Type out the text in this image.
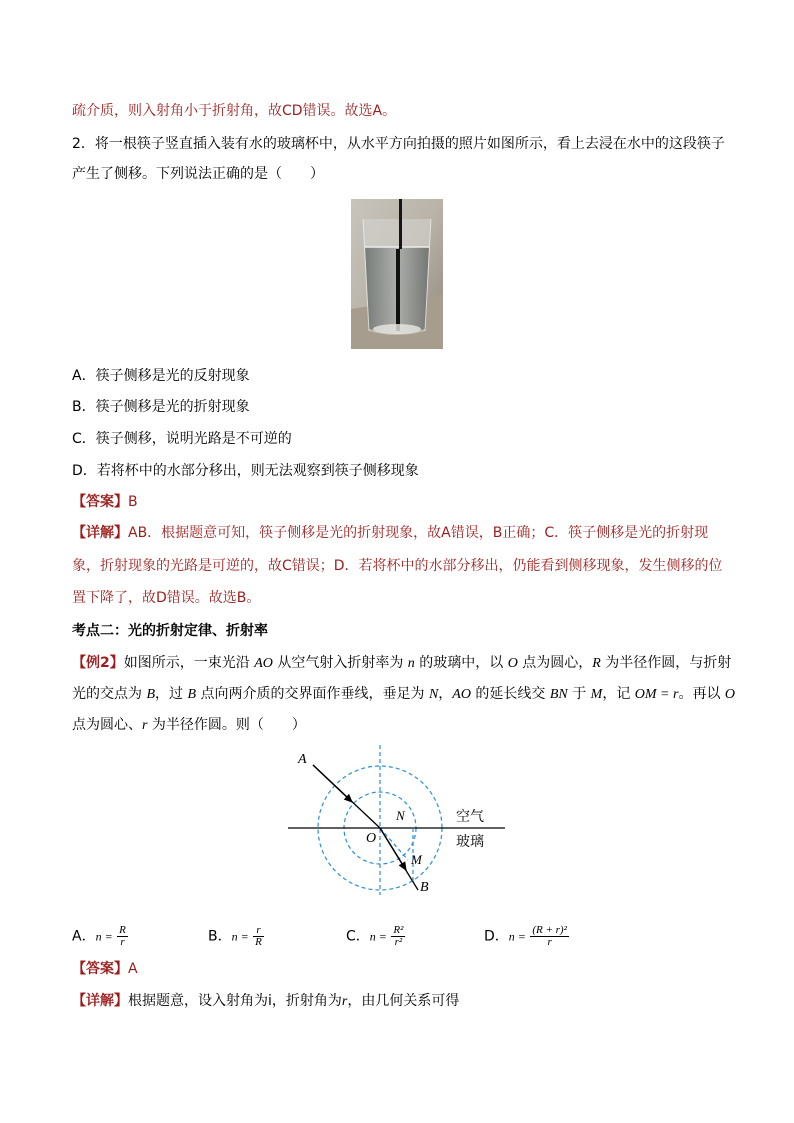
疏介质，则入射角小于折射角，故CD错误。故选A。
2．将一根筷子竖直插入装有水的玻璃杯中，从水平方向拍摄的照片如图所示，看上去浸在水中的这段筷子
产生了侧移。下列说法正确的是（　　）
A．筷子侧移是光的反射现象
B．筷子侧移是光的折射现象
C．筷子侧移，说明光路是不可逆的
D．若将杯中的水部分移出，则无法观察到筷子侧移现象
【答案】B
【详解】AB．根据题意可知，筷子侧移是光的折射现象，故A错误，B正确；C．筷子侧移是光的折射现
象，折射现象的光路是可逆的，故C错误；D．若将杯中的水部分移出，仍能看到侧移现象，发生侧移的位
置下降了，故D错误。故选B。
考点二：光的折射定律、折射率
【例2】如图所示，一束光沿 AO 从空气射入折射率为 n 的玻璃中，以 O 点为圆心，R 为半径作圆，与折射
光的交点为 B，过 B 点向两介质的交界面作垂线，垂足为 N，AO 的延长线交 BN 于 M，记 OM = r。再以 O
点为圆心、r 为半径作圆。则（　　）
A
N
O
M
B
空气
玻璃
A．$n = \frac{R}{r}$	B．$n = \frac{r}{R}$	C．$n = \frac{\text{R²}}{\text{r²}}$	D．$n = \frac{\text{(R + r)²}}{r}$
【答案】A
【详解】根据题意，设入射角为i，折射角为r，由几何关系可得
